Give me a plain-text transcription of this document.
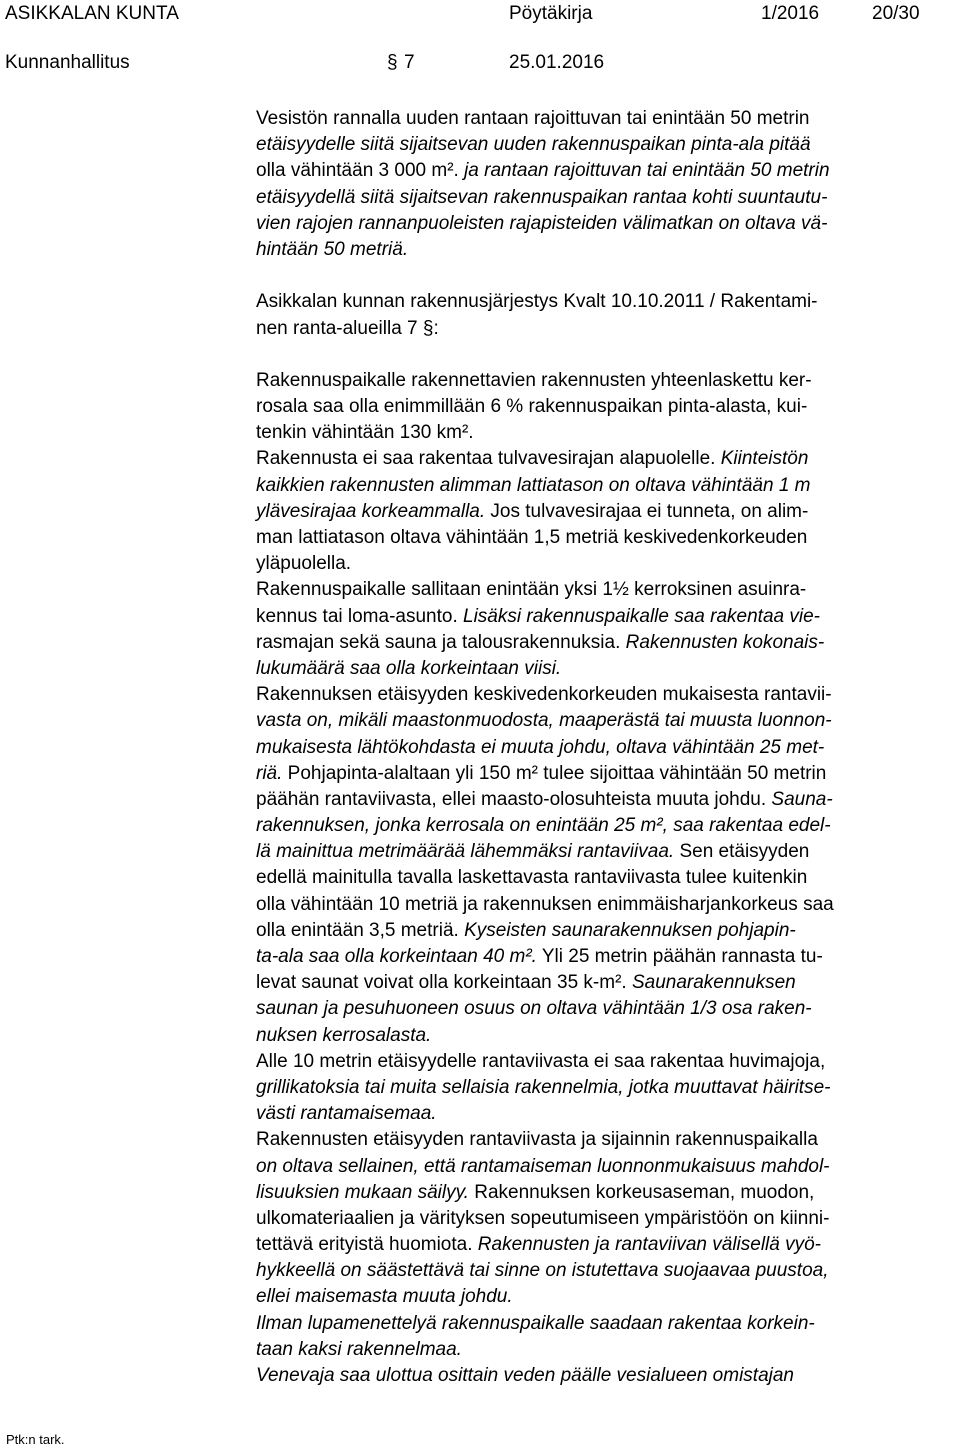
ASIKKALAN KUNTA	Pöytäkirja	1/2016	20/30
Kunnanhallitus	§ 7	25.01.2016
Vesistön rannalla uuden rantaan rajoittuvan tai enintään 50 metrin
etäisyydelle siitä sijaitsevan uuden rakennuspaikan pinta-ala pitää
olla vähintään 3 000 m². ja rantaan rajoittuvan tai enintään 50 metrin
etäisyydellä siitä sijaitsevan rakennuspaikan rantaa kohti suuntautu-
vien rajojen rannanpuoleisten rajapisteiden välimatkan on oltava vä-
hintään 50 metriä.
Asikkalan kunnan rakennusjärjestys Kvalt 10.10.2011 / Rakentami-
nen ranta-alueilla 7 §:
Rakennuspaikalle rakennettavien rakennusten yhteenlaskettu ker-
rosala saa olla enimmillään 6 % rakennuspaikan pinta-alasta, kui-
tenkin vähintään 130 km².
Rakennusta ei saa rakentaa tulvavesirajan alapuolelle. Kiinteistön
kaikkien rakennusten alimman lattiatason on oltava vähintään 1 m
ylävesirajaa korkeammalla. Jos tulvavesirajaa ei tunneta, on alim-
man lattiatason oltava vähintään 1,5 metriä keskivedenkorkeuden
yläpuolella.
Rakennuspaikalle sallitaan enintään yksi 1½ kerroksinen asuinra-
kennus tai loma-asunto. Lisäksi rakennuspaikalle saa rakentaa vie-
rasmajan sekä sauna ja talousrakennuksia. Rakennusten kokonais-
lukumäärä saa olla korkeintaan viisi.
Rakennuksen etäisyyden keskivedenkorkeuden mukaisesta rantavii-
vasta on, mikäli maastonmuodosta, maaperästä tai muusta luonnon-
mukaisesta lähtökohdasta ei muuta johdu, oltava vähintään 25 met-
riä. Pohjapinta-alaltaan yli 150 m² tulee sijoittaa vähintään 50 metrin
päähän rantaviivasta, ellei maasto-olosuhteista muuta johdu. Sauna-
rakennuksen, jonka kerrosala on enintään 25 m², saa rakentaa edel-
lä mainittua metrimäärää lähemmäksi rantaviivaa. Sen etäisyyden
edellä mainitulla tavalla laskettavasta rantaviivasta tulee kuitenkin
olla vähintään 10 metriä ja rakennuksen enimmäisharjankorkeus saa
olla enintään 3,5 metriä. Kyseisten saunarakennuksen pohjapin-
ta-ala saa olla korkeintaan 40 m². Yli 25 metrin päähän rannasta tu-
levat saunat voivat olla korkeintaan 35 k-m². Saunarakennuksen
saunan ja pesuhuoneen osuus on oltava vähintään 1/3 osa raken-
nuksen kerrosalasta.
Alle 10 metrin etäisyydelle rantaviivasta ei saa rakentaa huvimajoja,
grillikatoksia tai muita sellaisia rakennelmia, jotka muuttavat häiritse-
västi rantamaisemaa.
Rakennusten etäisyyden rantaviivasta ja sijainnin rakennuspaikalla
on oltava sellainen, että rantamaiseman luonnonmukaisuus mahdol-
lisuuksien mukaan säilyy. Rakennuksen korkeusaseman, muodon,
ulkomateriaalien ja värityksen sopeutumiseen ympäristöön on kiinni-
tettävä erityistä huomiota. Rakennusten ja rantaviivan välisellä vyö-
hykkeellä on säästettävä tai sinne on istutettava suojaavaa puustoa,
ellei maisemasta muuta johdu.
Ilman lupamenettelyä rakennuspaikalle saadaan rakentaa korkein-
taan kaksi rakennelmaa.
Venevaja saa ulottua osittain veden päälle vesialueen omistajan
Ptk:n tark.
